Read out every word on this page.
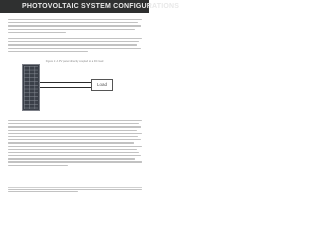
PHOTOVOLTAIC SYSTEM CONFIGURATIONS
Figure 1: A PV panel directly coupled to a DC load
Load
